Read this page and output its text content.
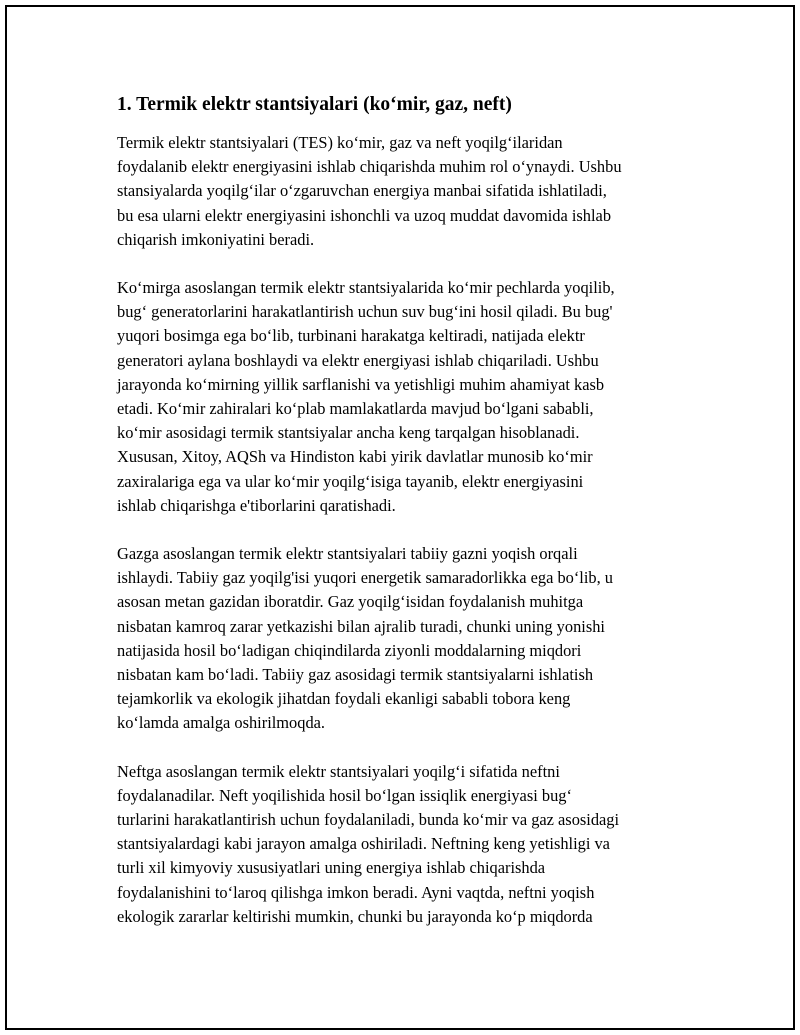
1. Termik elektr stantsiyalari (koʻmir, gaz, neft)

Termik elektr stantsiyalari (TES) koʻmir, gaz va neft yoqilgʻilaridan
foydalanib elektr energiyasini ishlab chiqarishda muhim rol oʻynaydi. Ushbu
stansiyalarda yoqilgʻilar oʻzgaruvchan energiya manbai sifatida ishlatiladi,
bu esa ularni elektr energiyasini ishonchli va uzoq muddat davomida ishlab
chiqarish imkoniyatini beradi.

Koʻmirga asoslangan termik elektr stantsiyalarida koʻmir pechlarda yoqilib,
bugʻ generatorlarini harakatlantirish uchun suv bugʻini hosil qiladi. Bu bug'
yuqori bosimga ega boʻlib, turbinani harakatga keltiradi, natijada elektr
generatori aylana boshlaydi va elektr energiyasi ishlab chiqariladi. Ushbu
jarayonda koʻmirning yillik sarflanishi va yetishligi muhim ahamiyat kasb
etadi. Koʻmir zahiralari koʻplab mamlakatlarda mavjud boʻlgani sababli,
koʻmir asosidagi termik stantsiyalar ancha keng tarqalgan hisoblanadi.
Xususan, Xitoy, AQSh va Hindiston kabi yirik davlatlar munosib koʻmir
zaxiralariga ega va ular koʻmir yoqilgʻisiga tayanib, elektr energiyasini
ishlab chiqarishga e'tiborlarini qaratishadi.

Gazga asoslangan termik elektr stantsiyalari tabiiy gazni yoqish orqali
ishlaydi. Tabiiy gaz yoqilg'isi yuqori energetik samaradorlikka ega boʻlib, u
asosan metan gazidan iboratdir. Gaz yoqilgʻisidan foydalanish muhitga
nisbatan kamroq zarar yetkazishi bilan ajralib turadi, chunki uning yonishi
natijasida hosil boʻladigan chiqindilarda ziyonli moddalarning miqdori
nisbatan kam boʻladi. Tabiiy gaz asosidagi termik stantsiyalarni ishlatish
tejamkorlik va ekologik jihatdan foydali ekanligi sababli tobora keng
koʻlamda amalga oshirilmoqda.

Neftga asoslangan termik elektr stantsiyalari yoqilgʻi sifatida neftni
foydalanadilar. Neft yoqilishida hosil boʻlgan issiqlik energiyasi bugʻ
turlarini harakatlantirish uchun foydalaniladi, bunda koʻmir va gaz asosidagi
stantsiyalardagi kabi jarayon amalga oshiriladi. Neftning keng yetishligi va
turli xil kimyoviy xususiyatlari uning energiya ishlab chiqarishda
foydalanishini toʻlaroq qilishga imkon beradi. Ayni vaqtda, neftni yoqish
ekologik zararlar keltirishi mumkin, chunki bu jarayonda koʻp miqdorda
